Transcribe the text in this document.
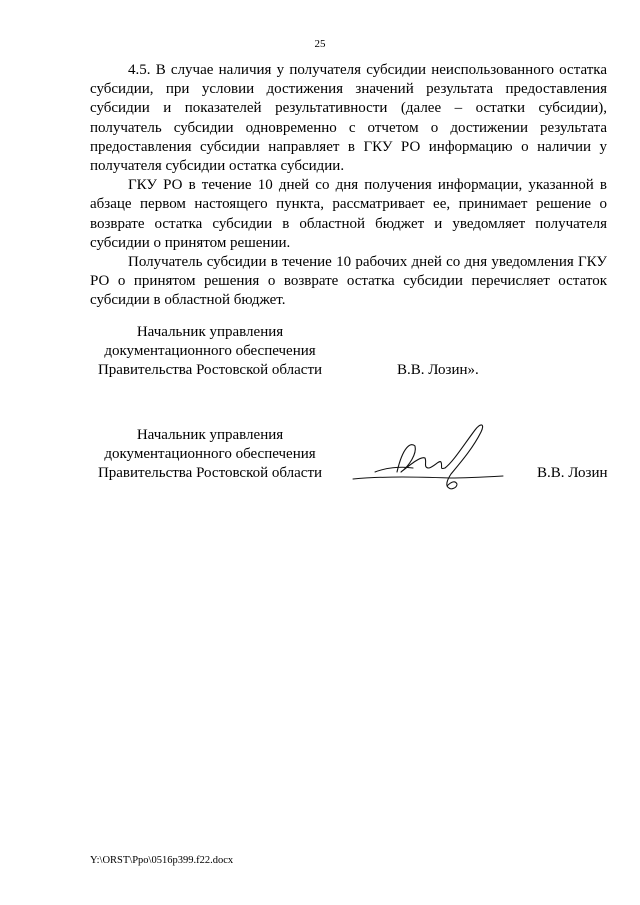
25

4.5. В случае наличия у получателя субсидии неиспользованного остатка субсидии, при условии достижения значений результата предоставления субсидии и показателей результативности (далее – остатки субсидии), получатель субсидии одновременно с отчетом о достижении результата предоставления субсидии направляет в ГКУ РО информацию о наличии у получателя субсидии остатка субсидии.

ГКУ РО в течение 10 дней со дня получения информации, указанной в абзаце первом настоящего пункта, рассматривает ее, принимает решение о возврате остатка субсидии в областной бюджет и уведомляет получателя субсидии о принятом решении.

Получатель субсидии в течение 10 рабочих дней со дня уведомления ГКУ РО о принятом решения о возврате остатка субсидии перечисляет остаток субсидии в областной бюджет.

Начальник управления
документационного обеспечения
Правительства Ростовской области	В.В. Лозин».
Начальник управления
документационного обеспечения
Правительства Ростовской области	В.В. Лозин
Y:\ORST\Ppo\0516p399.f22.docx
